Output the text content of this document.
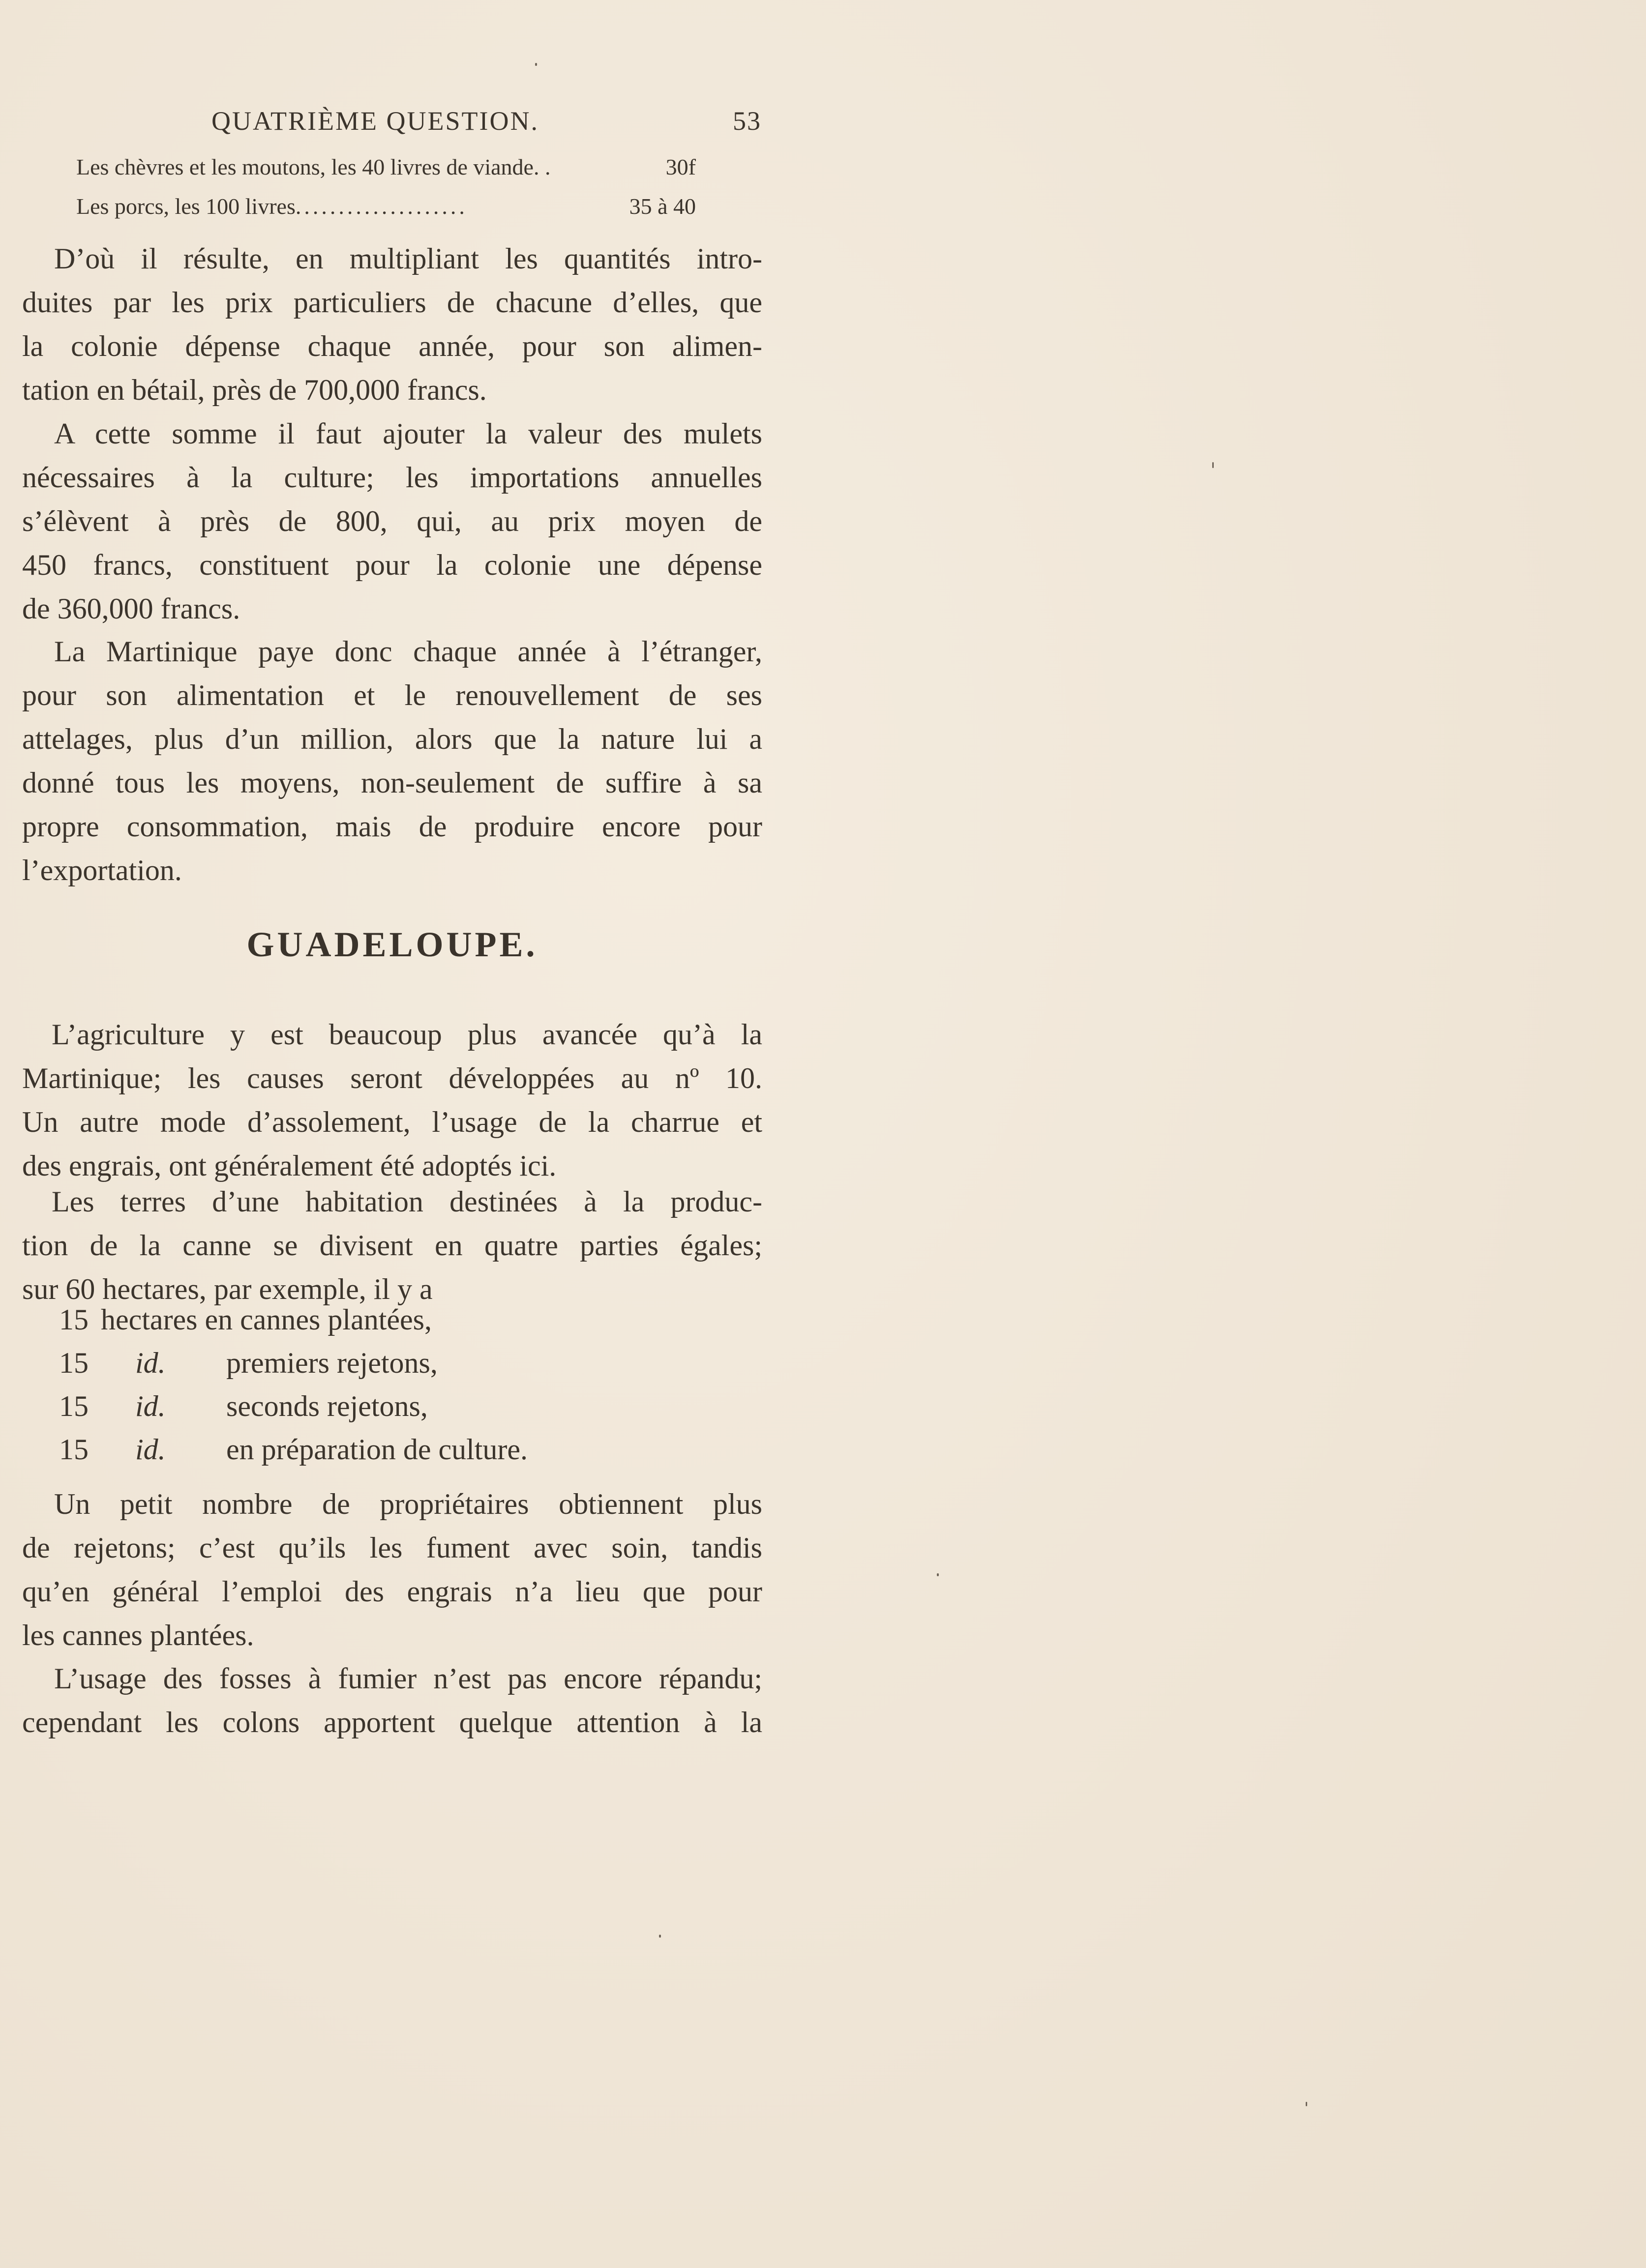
QUATRIÈME QUESTION.	53
Les chèvres et les moutons, les 40 livres de viande. .	30f
Les porcs, les 100 livres....................	35 à 40
D’où il résulte, en multipliant les quantités intro-
duites par les prix particuliers de chacune d’elles, que
la colonie dépense chaque année, pour son alimen-
tation en bétail, près de 700,000 francs.
A cette somme il faut ajouter la valeur des mulets
nécessaires à la culture; les importations annuelles
s’élèvent à près de 800, qui, au prix moyen de
450 francs, constituent pour la colonie une dépense
de 360,000 francs.
La Martinique paye donc chaque année à l’étranger,
pour son alimentation et le renouvellement de ses
attelages, plus d’un million, alors que la nature lui a
donné tous les moyens, non-seulement de suffire à sa
propre consommation, mais de produire encore pour
l’exportation.
GUADELOUPE.
L’agriculture y est beaucoup plus avancée qu’à la
Martinique; les causes seront développées au nº 10.
Un autre mode d’assolement, l’usage de la charrue et
des engrais, ont généralement été adoptés ici.
Les terres d’une habitation destinées à la produc-
tion de la canne se divisent en quatre parties égales;
sur 60 hectares, par exemple, il y a
15 hectares en cannes plantées,
15 id. premiers rejetons,
15 id. seconds rejetons,
15 id. en préparation de culture.
Un petit nombre de propriétaires obtiennent plus
de rejetons; c’est qu’ils les fument avec soin, tandis
qu’en général l’emploi des engrais n’a lieu que pour
les cannes plantées.
L’usage des fosses à fumier n’est pas encore répandu;
cependant les colons apportent quelque attention à la
